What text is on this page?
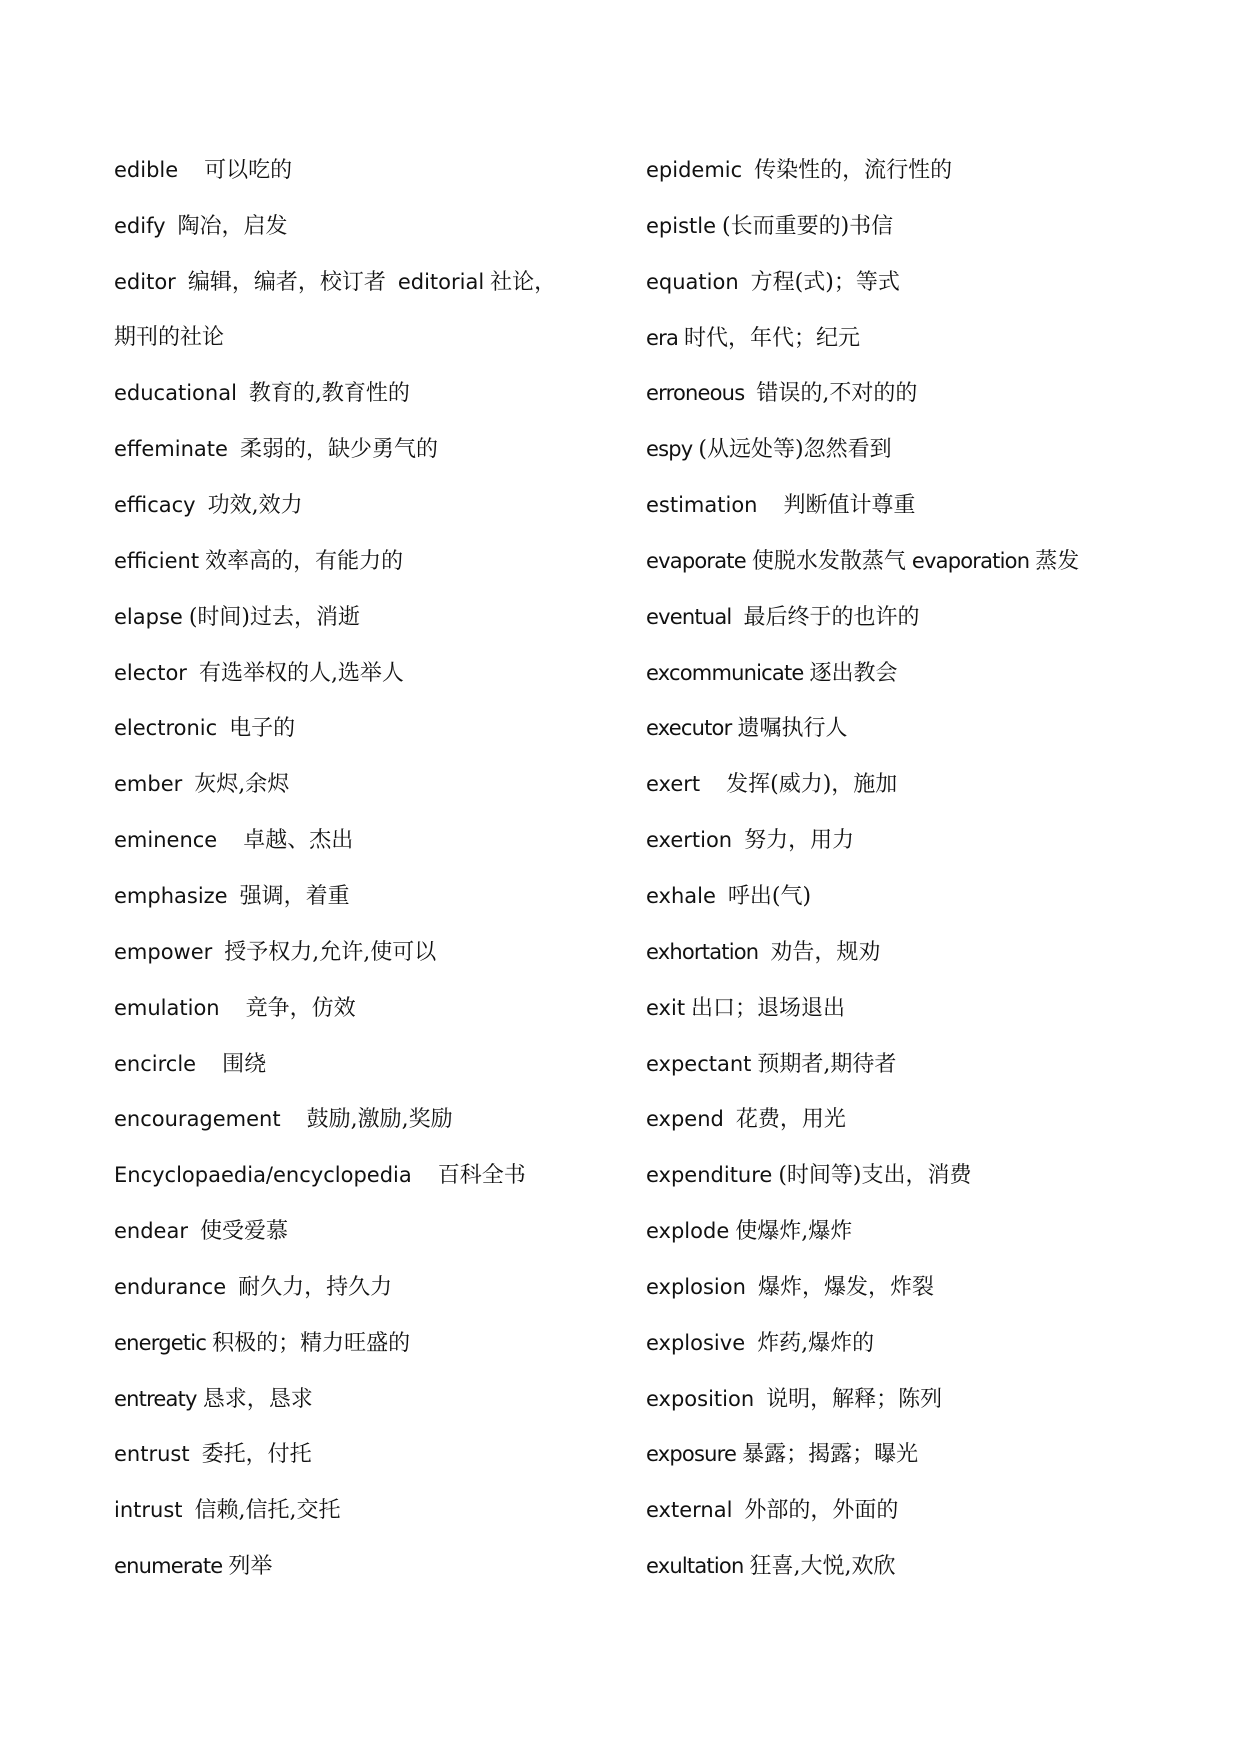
edible 可以吃的
edify 陶冶，启发
editor 编辑，编者，校订者 editorial 社论，
期刊的社论
educational 教育的,教育性的
effeminate 柔弱的，缺少勇气的
efficacy 功效,效力
efficient 效率高的，有能力的
elapse (时间)过去，消逝
elector 有选举权的人,选举人
electronic 电子的
ember 灰烬,余烬
eminence 卓越、杰出
emphasize 强调，着重
empower 授予权力,允许,使可以
emulation 竞争，仿效
encircle 围绕
encouragement 鼓励,激励,奖励
Encyclopaedia/encyclopedia 百科全书
endear 使受爱慕
endurance 耐久力，持久力
energetic 积极的；精力旺盛的
entreaty 恳求，恳求
entrust 委托，付托
intrust 信赖,信托,交托
enumerate 列举
epidemic 传染性的，流行性的
epistle (长而重要的)书信
equation 方程(式)；等式
era 时代，年代；纪元
erroneous 错误的,不对的的
espy (从远处等)忽然看到
estimation 判断值计尊重
evaporate 使脱水发散蒸气 evaporation 蒸发
eventual 最后终于的也许的
excommunicate 逐出教会
executor 遗嘱执行人
exert 发挥(威力)，施加
exertion 努力，用力
exhale 呼出(气)
exhortation 劝告，规劝
exit 出口；退场退出
expectant 预期者,期待者
expend 花费，用光
expenditure (时间等)支出，消费
explode 使爆炸,爆炸
explosion 爆炸，爆发，炸裂
explosive 炸药,爆炸的
exposition 说明，解释；陈列
exposure 暴露；揭露；曝光
external 外部的，外面的
exultation 狂喜,大悦,欢欣
